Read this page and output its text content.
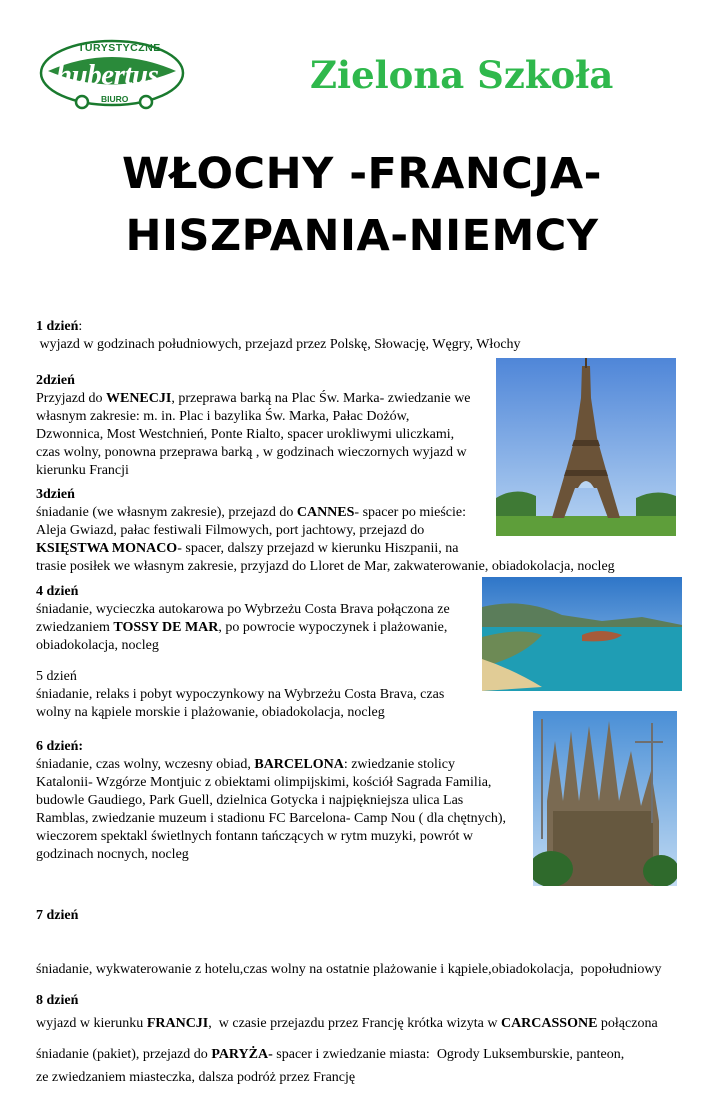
TURYSTYCZNE
hubertus
BIURO
Zielona Szkoła
WŁOCHY -FRANCJA-
HISZPANIA-NIEMCY
1 dzień:
wyjazd w godzinach południowych, przejazd przez Polskę, Słowację, Węgry, Włochy
2dzień
Przyjazd do WENECJI, przeprawa barką na Plac Św. Marka- zwiedzanie we
własnym zakresie: m. in. Plac i bazylika Św. Marka, Pałac Dożów,
Dzwonnica, Most Westchnień, Ponte Rialto, spacer urokliwymi uliczkami,
czas wolny, ponowna przeprawa barką , w godzinach wieczornych wyjazd w
kierunku Francji
3dzień
śniadanie (we własnym zakresie), przejazd do CANNES- spacer po mieście:
Aleja Gwiazd, pałac festiwali Filmowych, port jachtowy, przejazd do
KSIĘSTWA MONACO- spacer, dalszy przejazd w kierunku Hiszpanii, na
trasie posiłek we własnym zakresie, przyjazd do Lloret de Mar, zakwaterowanie, obiadokolacja, nocleg
4 dzień
śniadanie, wycieczka autokarowa po Wybrzeżu Costa Brava połączona ze
zwiedzaniem TOSSY DE MAR, po powrocie wypoczynek i plażowanie,
obiadokolacja, nocleg
5 dzień
śniadanie, relaks i pobyt wypoczynkowy na Wybrzeżu Costa Brava, czas
wolny na kąpiele morskie i plażowanie, obiadokolacja, nocleg
6 dzień:
śniadanie, czas wolny, wczesny obiad, BARCELONA: zwiedzanie stolicy
Katalonii- Wzgórze Montjuic z obiektami olimpijskimi, kościół Sagrada Familia,
budowle Gaudiego, Park Guell, dzielnica Gotycka i najpiękniejsza ulica Las
Ramblas, zwiedzanie muzeum i stadionu FC Barcelona- Camp Nou ( dla chętnych),
wieczorem spektakl świetlnych fontann tańczących w rytm muzyki, powrót w
godzinach nocnych, nocleg

7 dzień

śniadanie, wykwaterowanie z hotelu,czas wolny na ostatnie plażowanie i kąpiele,obiadokolacja,  popołudniowy

wyjazd w kierunku FRANCJI,  w czasie przejazdu przez Francję krótka wizyta w CARCASSONE połączona

ze zwiedzaniem miasteczka, dalsza podróż przez Francję

8 dzień

śniadanie (pakiet), przejazd do PARYŻA- spacer i zwiedzanie miasta:  Ogrody Luksemburskie, panteon,
